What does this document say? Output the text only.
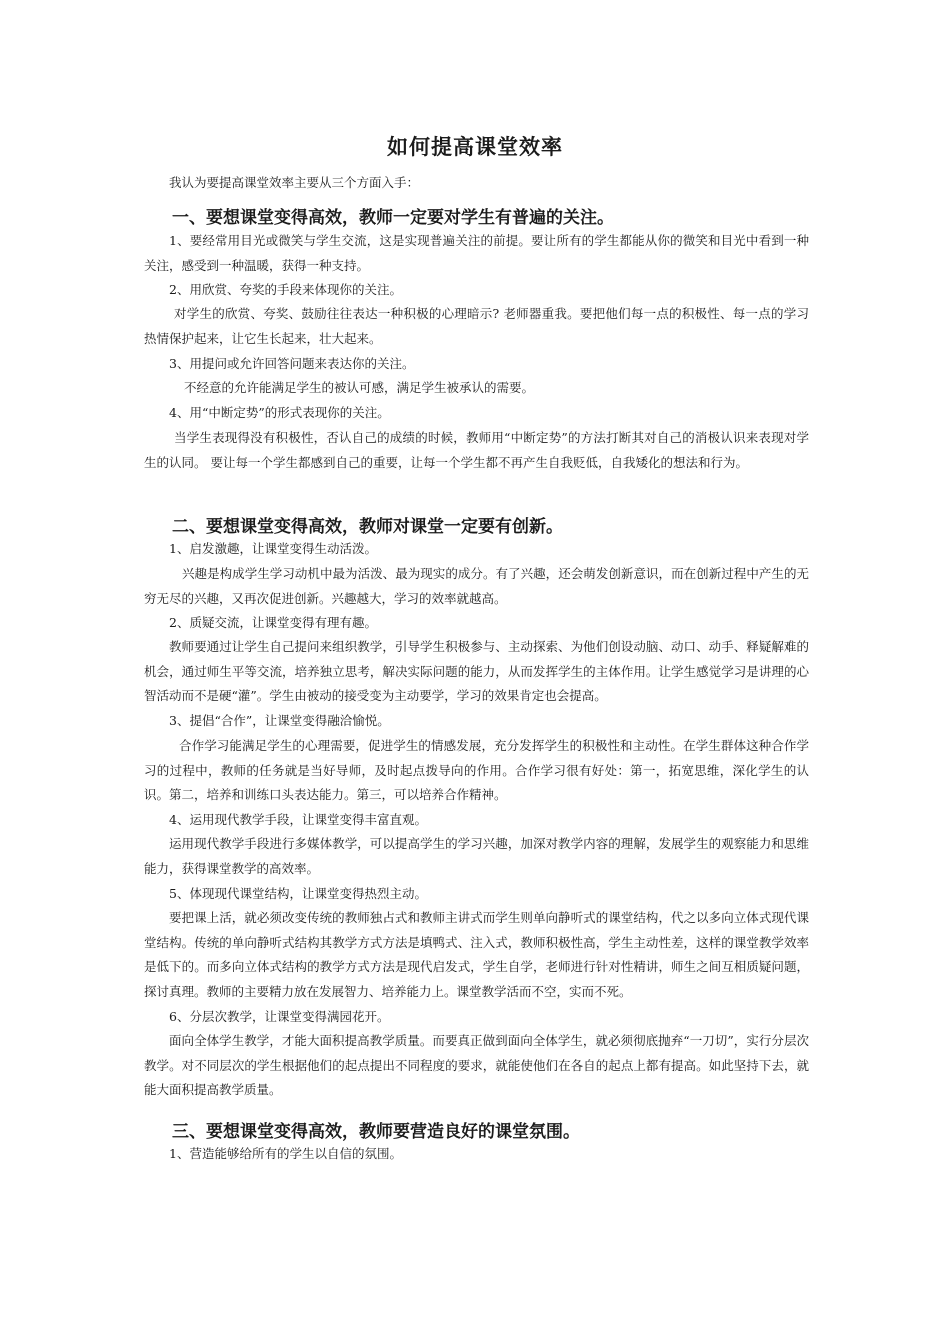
如何提高课堂效率

我认为要提高课堂效率主要从三个方面入手：

一、要想课堂变得高效，教师一定要对学生有普遍的关注。

1、要经常用目光或微笑与学生交流，这是实现普遍关注的前提。要让所有的学生都能从你的微笑和目光中看到一种关注，感受到一种温暖，获得一种支持。

2、用欣赏、夸奖的手段来体现你的关注。

对学生的欣赏、夸奖、鼓励往往表达一种积极的心理暗示? 老师器重我。要把他们每一点的积极性、每一点的学习热情保护起来，让它生长起来，壮大起来。

3、用提问或允许回答问题来表达你的关注。

不经意的允许能满足学生的被认可感，满足学生被承认的需要。

4、用“中断定势”的形式表现你的关注。

当学生表现得没有积极性，否认自己的成绩的时候，教师用“中断定势”的方法打断其对自己的消极认识来表现对学生的认同。 要让每一个学生都感到自己的重要，让每一个学生都不再产生自我贬低，自我矮化的想法和行为。

二、要想课堂变得高效，教师对课堂一定要有创新。

1、启发激趣，让课堂变得生动活泼。

兴趣是构成学生学习动机中最为活泼、最为现实的成分。有了兴趣，还会萌发创新意识，而在创新过程中产生的无穷无尽的兴趣，又再次促进创新。兴趣越大，学习的效率就越高。

2、质疑交流，让课堂变得有理有趣。

教师要通过让学生自己提问来组织教学，引导学生积极参与、主动探索、为他们创设动脑、动口、动手、释疑解难的机会，通过师生平等交流，培养独立思考，解决实际问题的能力，从而发挥学生的主体作用。让学生感觉学习是讲理的心智活动而不是硬“灌”。学生由被动的接受变为主动要学，学习的效果肯定也会提高。

3、提倡“合作”，让课堂变得融洽愉悦。

合作学习能满足学生的心理需要，促进学生的情感发展，充分发挥学生的积极性和主动性。在学生群体这种合作学习的过程中，教师的任务就是当好导师，及时起点拨导向的作用。合作学习很有好处：第一，拓宽思维，深化学生的认识。第二，培养和训练口头表达能力。第三，可以培养合作精神。

4、运用现代教学手段，让课堂变得丰富直观。

运用现代教学手段进行多媒体教学，可以提高学生的学习兴趣，加深对教学内容的理解，发展学生的观察能力和思维能力，获得课堂教学的高效率。

5、体现现代课堂结构，让课堂变得热烈主动。

要把课上活，就必须改变传统的教师独占式和教师主讲式而学生则单向静听式的课堂结构，代之以多向立体式现代课堂结构。传统的单向静听式结构其教学方式方法是填鸭式、注入式，教师积极性高，学生主动性差，这样的课堂教学效率是低下的。而多向立体式结构的教学方式方法是现代启发式，学生自学，老师进行针对性精讲，师生之间互相质疑问题，探讨真理。教师的主要精力放在发展智力、培养能力上。课堂教学活而不空，实而不死。

6、分层次教学，让课堂变得满园花开。

面向全体学生教学，才能大面积提高教学质量。而要真正做到面向全体学生，就必须彻底抛弃“一刀切”，实行分层次教学。对不同层次的学生根据他们的起点提出不同程度的要求，就能使他们在各自的起点上都有提高。如此坚持下去，就能大面积提高教学质量。

三、要想课堂变得高效，教师要营造良好的课堂氛围。

1、营造能够给所有的学生以自信的氛围。
